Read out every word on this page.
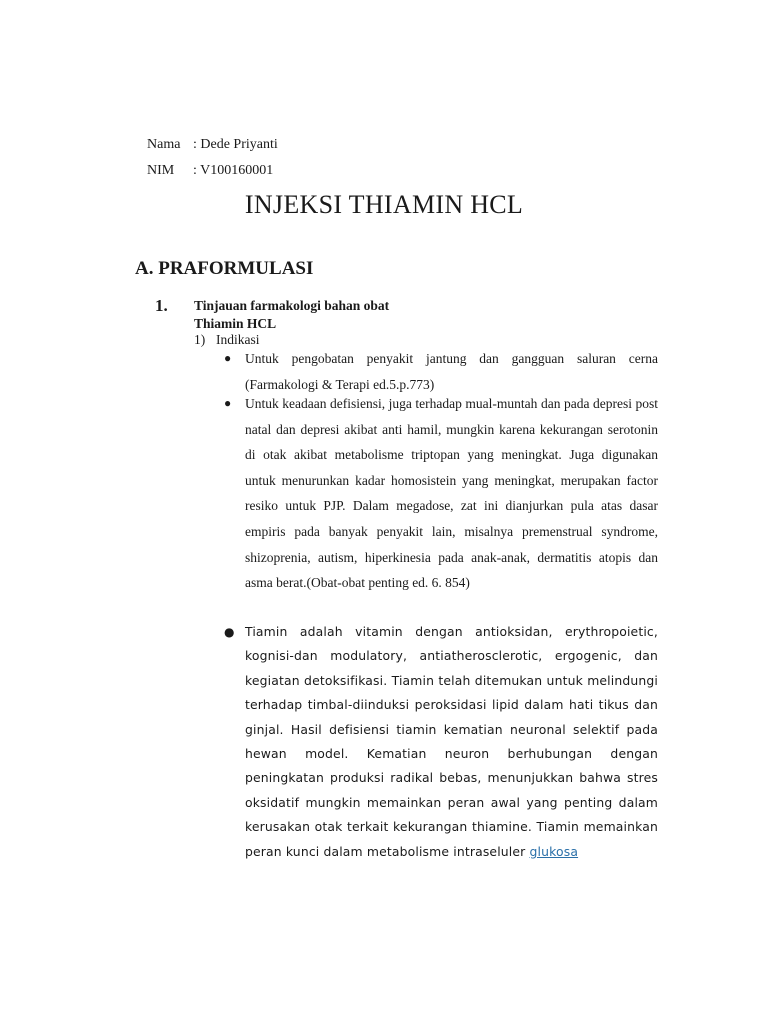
Nama : Dede Priyanti
NIM : V100160001
INJEKSI THIAMIN HCL
A. PRAFORMULASI
1. Tinjauan farmakologi bahan obat
Thiamin HCL
1) Indikasi
● Untuk pengobatan penyakit jantung dan gangguan saluran cerna (Farmakologi & Terapi ed.5.p.773)
● Untuk keadaan defisiensi, juga terhadap mual-muntah dan pada depresi post natal dan depresi akibat anti hamil, mungkin karena kekurangan serotonin di otak akibat metabolisme triptopan yang meningkat. Juga digunakan untuk menurunkan kadar homosistein yang meningkat, merupakan factor resiko untuk PJP. Dalam megadose, zat ini dianjurkan pula atas dasar empiris pada banyak penyakit lain, misalnya premenstrual syndrome, shizoprenia, autism, hiperkinesia pada anak-anak, dermatitis atopis dan asma berat.(Obat-obat penting ed. 6. 854)
● Tiamin adalah vitamin dengan antioksidan, erythropoietic, kognisi-dan modulatory, antiatherosclerotic, ergogenic, dan kegiatan detoksifikasi. Tiamin telah ditemukan untuk melindungi terhadap timbal-diinduksi peroksidasi lipid dalam hati tikus dan ginjal. Hasil defisiensi tiamin kematian neuronal selektif pada hewan model. Kematian neuron berhubungan dengan peningkatan produksi radikal bebas, menunjukkan bahwa stres oksidatif mungkin memainkan peran awal yang penting dalam kerusakan otak terkait kekurangan thiamine. Tiamin memainkan peran kunci dalam metabolisme intraseluler glukosa
